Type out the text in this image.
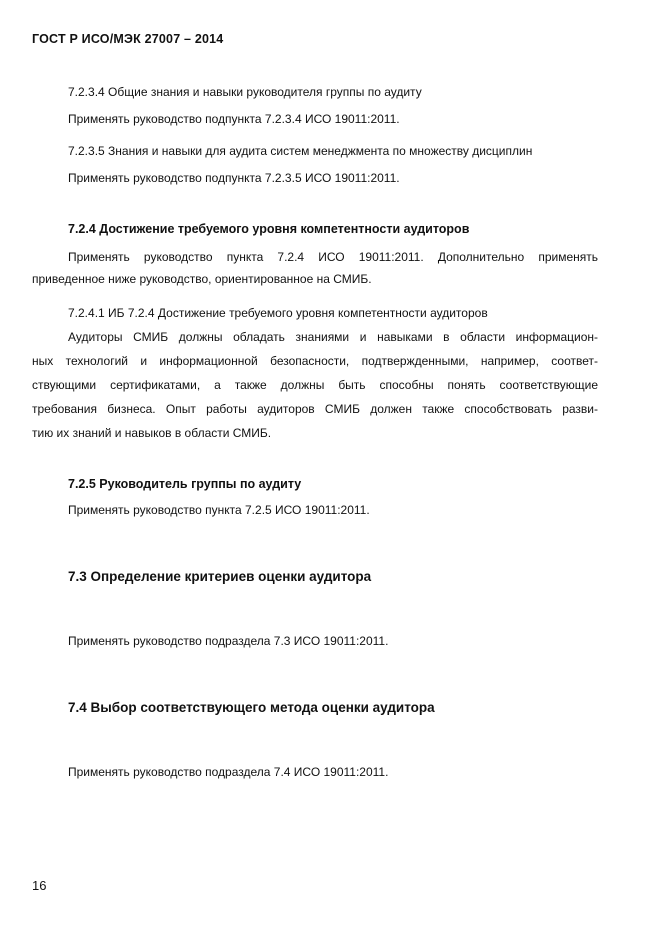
ГОСТ Р ИСО/МЭК 27007 – 2014
7.2.3.4 Общие знания и навыки руководителя группы по аудиту
Применять руководство подпункта 7.2.3.4 ИСО 19011:2011.
7.2.3.5 Знания и навыки для аудита систем менеджмента по множеству дисциплин
Применять руководство подпункта 7.2.3.5 ИСО 19011:2011.
7.2.4 Достижение требуемого уровня компетентности аудиторов
Применять руководство пункта 7.2.4 ИСО 19011:2011. Дополнительно применять
приведенное ниже руководство, ориентированное на СМИБ.
7.2.4.1 ИБ 7.2.4 Достижение требуемого уровня компетентности аудиторов
Аудиторы СМИБ должны обладать знаниями и навыками в области информацион-
ных технологий и информационной безопасности, подтвержденными, например, соответ-
ствующими сертификатами, а также должны быть способны понять соответствующие
требования бизнеса. Опыт работы аудиторов СМИБ должен также способствовать разви-
тию их знаний и навыков в области СМИБ.
7.2.5 Руководитель группы по аудиту
Применять руководство пункта 7.2.5 ИСО 19011:2011.
7.3 Определение критериев оценки аудитора
Применять руководство подраздела 7.3 ИСО 19011:2011.
7.4 Выбор соответствующего метода оценки аудитора
Применять руководство подраздела 7.4 ИСО 19011:2011.
16
